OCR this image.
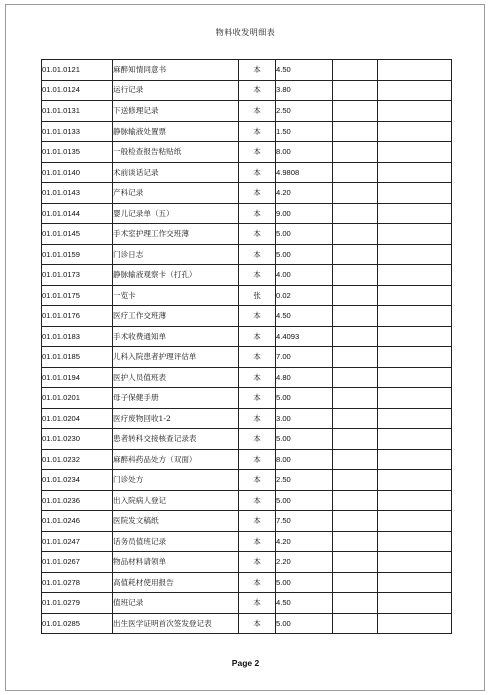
物料收发明细表
01.01.0121	麻醉知情同意书	本	4.50		
01.01.0124	运行记录	本	3.80		
01.01.0131	下送修理记录	本	2.50		
01.01.0133	静脉输液处置票	本	1.50		
01.01.0135	一般检查报告粘贴纸	本	8.00		
01.01.0140	术前谈话记录	本	4.9808		
01.01.0143	产科记录	本	4.20		
01.01.0144	婴儿记录单（五）	本	9.00		
01.01.0145	手术室护理工作交班薄	本	5.00		
01.01.0159	门诊日志	本	5.00		
01.01.0173	静脉输液观察卡（打孔）	本	4.00		
01.01.0175	一览卡	张	0.02		
01.01.0176	医疗工作交班薄	本	4.50		
01.01.0183	手术收费通知单	本	4.4093		
01.01.0185	儿科入院患者护理评估单	本	7.00		
01.01.0194	医护人员值班表	本	4.80		
01.01.0201	母子保健手册	本	5.00		
01.01.0204	医疗废物回收1-2	本	3.00		
01.01.0230	患者转科交接核查记录表	本	5.00		
01.01.0232	麻醉科药品处方（双面）	本	8.00		
01.01.0234	门诊处方	本	2.50		
01.01.0236	出入院病人登记	本	5.00		
01.01.0246	医院发文稿纸	本	7.50		
01.01.0247	话务员值班记录	本	4.20		
01.01.0267	物品材料请领单	本	2.20		
01.01.0278	高值耗材使用报告	本	5.00		
01.01.0279	值班记录	本	4.50		
01.01.0285	出生医学证明首次签发登记表	本	5.00		
Page 2
